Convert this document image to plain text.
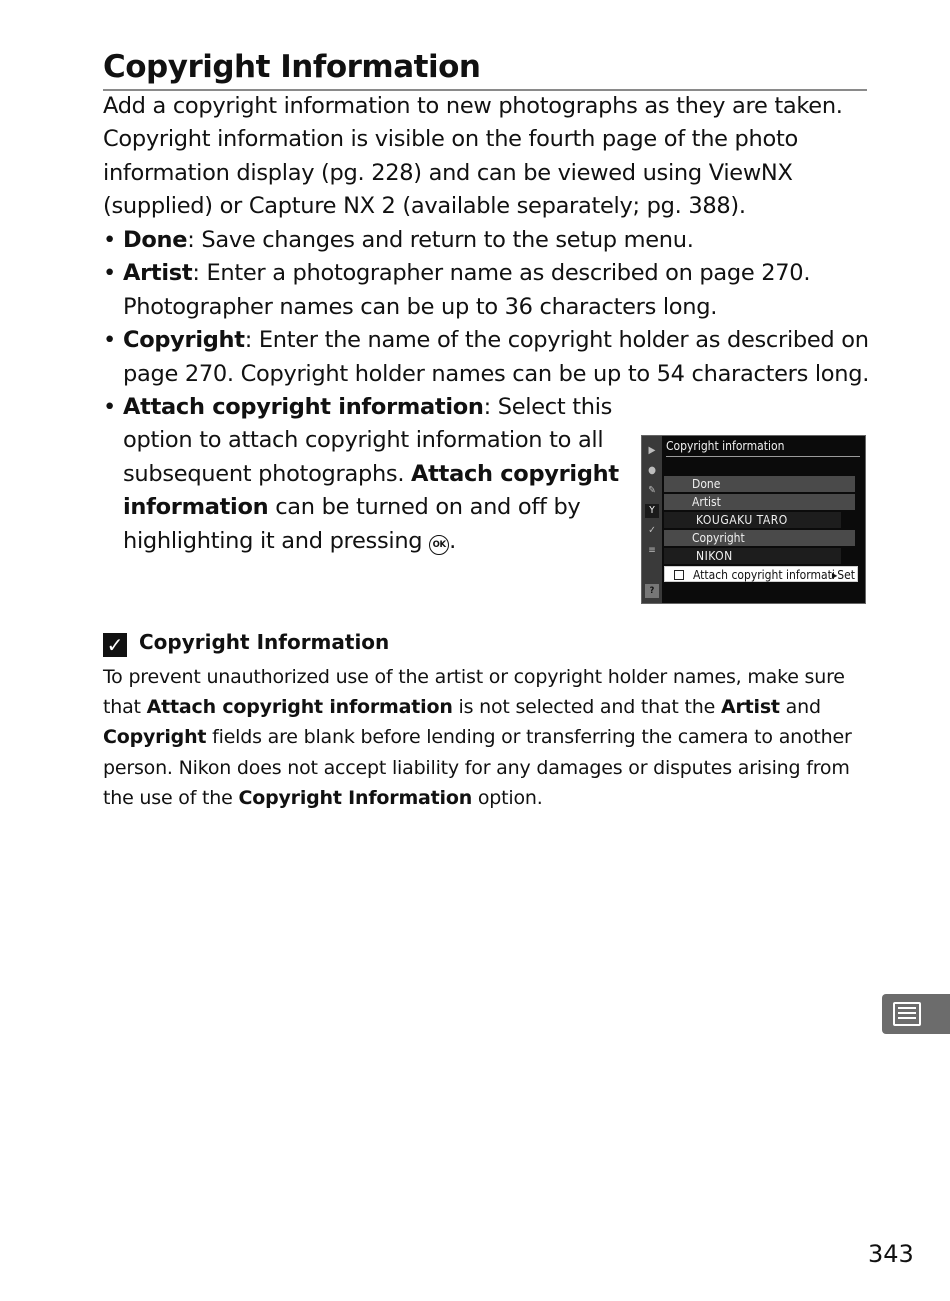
Copyright Information
Add a copyright information to new photographs as they are taken. Copyright information is visible on the fourth page of the photo information display (pg. 228) and can be viewed using ViewNX (supplied) or Capture NX 2 (available separately; pg. 388).
• Done: Save changes and return to the setup menu.
• Artist: Enter a photographer name as described on page 270. Photographer names can be up to 36 characters long.
• Copyright: Enter the name of the copyright holder as described on page 270. Copyright holder names can be up to 54 characters long.
• Attach copyright information: Select this option to attach copyright information to all subsequent photographs. Attach copyright information can be turned on and off by highlighting it and pressing OK .
▶
●
✎
Y
✓
≡
?
Copyright information
Done
Artist
KOUGAKU TARO
Copyright
NIKON
Attach copyright informati
▸Set
✓ Copyright Information
To prevent unauthorized use of the artist or copyright holder names, make sure that Attach copyright information is not selected and that the Artist and Copyright fields are blank before lending or transferring the camera to another person. Nikon does not accept liability for any damages or disputes arising from the use of the Copyright Information option.
343
